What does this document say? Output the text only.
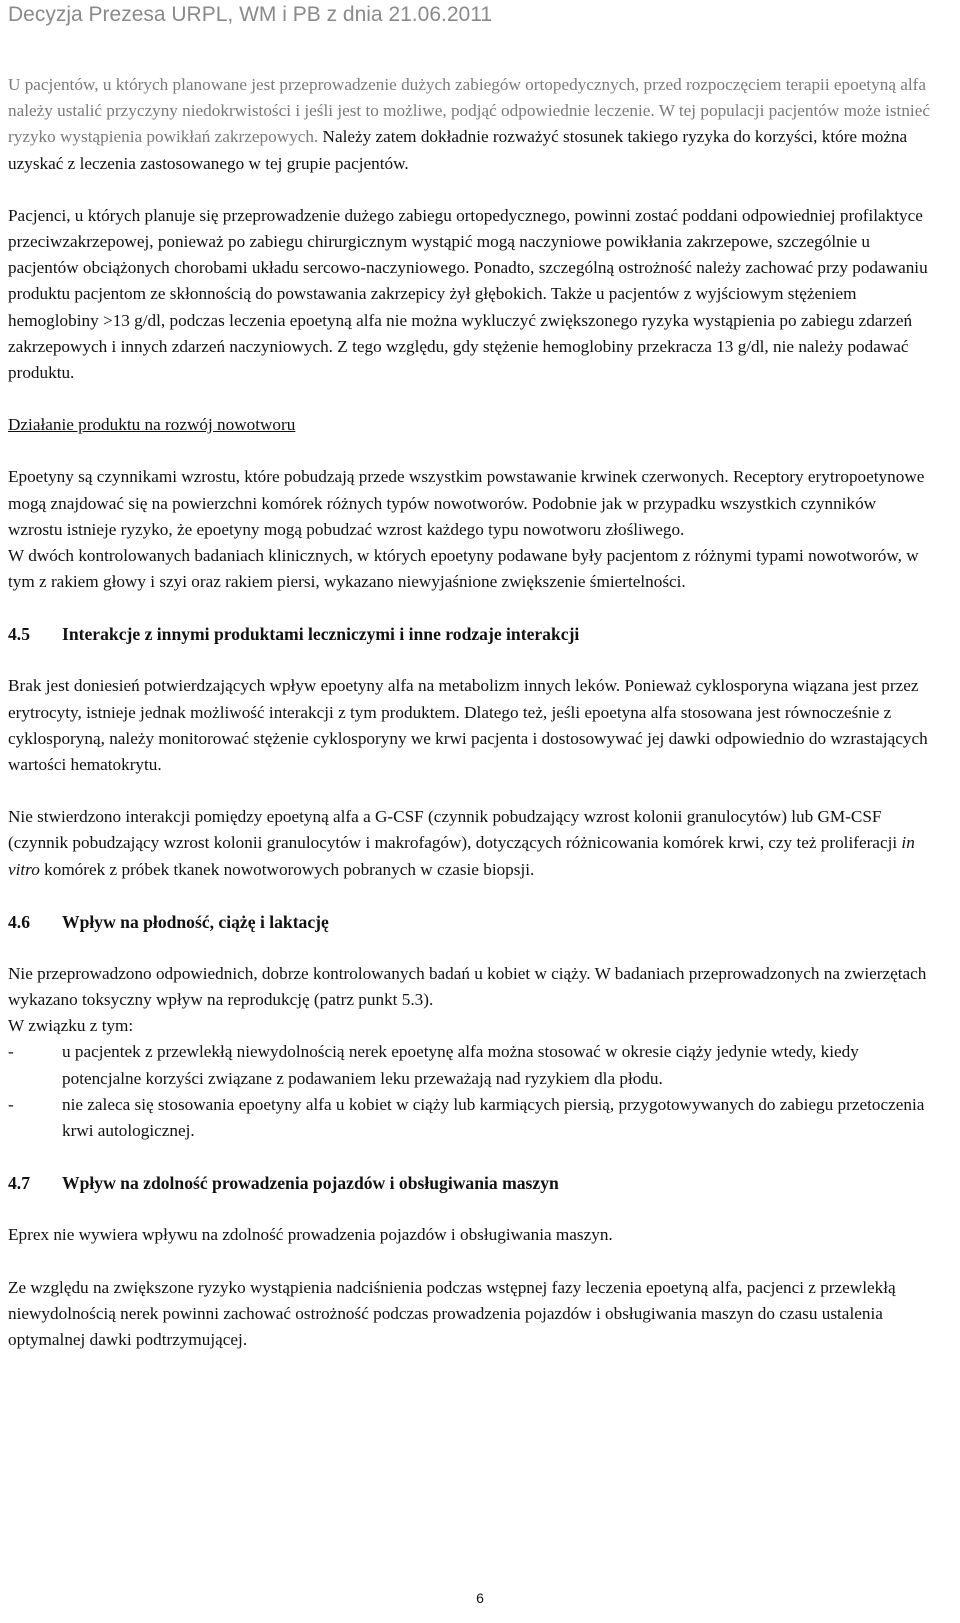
Decyzja Prezesa URPL, WM i PB z dnia 21.06.2011

U pacjentów, u których planowane jest przeprowadzenie dużych zabiegów ortopedycznych, przed rozpoczęciem terapii epoetyną alfa należy ustalić przyczyny niedokrwistości i jeśli jest to możliwe, podjąć odpowiednie leczenie. W tej populacji pacjentów może istnieć ryzyko wystąpienia powikłań zakrzepowych. Należy zatem dokładnie rozważyć stosunek takiego ryzyka do korzyści, które można uzyskać z leczenia zastosowanego w tej grupie pacjentów.

Pacjenci, u których planuje się przeprowadzenie dużego zabiegu ortopedycznego, powinni zostać poddani odpowiedniej profilaktyce przeciwzakrzepowej, ponieważ po zabiegu chirurgicznym wystąpić mogą naczyniowe powikłania zakrzepowe, szczególnie u pacjentów obciążonych chorobami układu sercowo-naczyniowego. Ponadto, szczególną ostrożność należy zachować przy podawaniu produktu pacjentom ze skłonnością do powstawania zakrzepicy żył głębokich. Także u pacjentów z wyjściowym stężeniem hemoglobiny >13 g/dl, podczas leczenia epoetyną alfa nie można wykluczyć zwiększonego ryzyka wystąpienia po zabiegu zdarzeń zakrzepowych i innych zdarzeń naczyniowych. Z tego względu, gdy stężenie hemoglobiny przekracza 13 g/dl, nie należy podawać produktu.

Działanie produktu na rozwój nowotworu

Epoetyny są czynnikami wzrostu, które pobudzają przede wszystkim powstawanie krwinek czerwonych. Receptory erytropoetynowe mogą znajdować się na powierzchni komórek różnych typów nowotworów. Podobnie jak w przypadku wszystkich czynników wzrostu istnieje ryzyko, że epoetyny mogą pobudzać wzrost każdego typu nowotworu złośliwego.

W dwóch kontrolowanych badaniach klinicznych, w których epoetyny podawane były pacjentom z różnymi typami nowotworów, w tym z rakiem głowy i szyi oraz rakiem piersi, wykazano niewyjaśnione zwiększenie śmiertelności.

4.5 Interakcje z innymi produktami leczniczymi i inne rodzaje interakcji

Brak jest doniesień potwierdzających wpływ epoetyny alfa na metabolizm innych leków. Ponieważ cyklosporyna wiązana jest przez erytrocyty, istnieje jednak możliwość interakcji z tym produktem. Dlatego też, jeśli epoetyna alfa stosowana jest równocześnie z cyklosporyną, należy monitorować stężenie cyklosporyny we krwi pacjenta i dostosowywać jej dawki odpowiednio do wzrastających wartości hematokrytu.

Nie stwierdzono interakcji pomiędzy epoetyną alfa a G-CSF (czynnik pobudzający wzrost kolonii granulocytów) lub GM-CSF (czynnik pobudzający wzrost kolonii granulocytów i makrofagów), dotyczących różnicowania komórek krwi, czy też proliferacji in vitro komórek z próbek tkanek nowotworowych pobranych w czasie biopsji.

4.6 Wpływ na płodność, ciążę i laktację

Nie przeprowadzono odpowiednich, dobrze kontrolowanych badań u kobiet w ciąży. W badaniach przeprowadzonych na zwierzętach wykazano toksyczny wpływ na reprodukcję (patrz punkt 5.3).

W związku z tym:

- u pacjentek z przewlekłą niewydolnością nerek epoetynę alfa można stosować w okresie ciąży jedynie wtedy, kiedy potencjalne korzyści związane z podawaniem leku przeważają nad ryzykiem dla płodu.
- nie zaleca się stosowania epoetyny alfa u kobiet w ciąży lub karmiących piersią, przygotowywanych do zabiegu przetoczenia krwi autologicznej.
4.7 Wpływ na zdolność prowadzenia pojazdów i obsługiwania maszyn

Eprex nie wywiera wpływu na zdolność prowadzenia pojazdów i obsługiwania maszyn.

Ze względu na zwiększone ryzyko wystąpienia nadciśnienia podczas wstępnej fazy leczenia epoetyną alfa, pacjenci z przewlekłą niewydolnością nerek powinni zachować ostrożność podczas prowadzenia pojazdów i obsługiwania maszyn do czasu ustalenia optymalnej dawki podtrzymującej.

6
